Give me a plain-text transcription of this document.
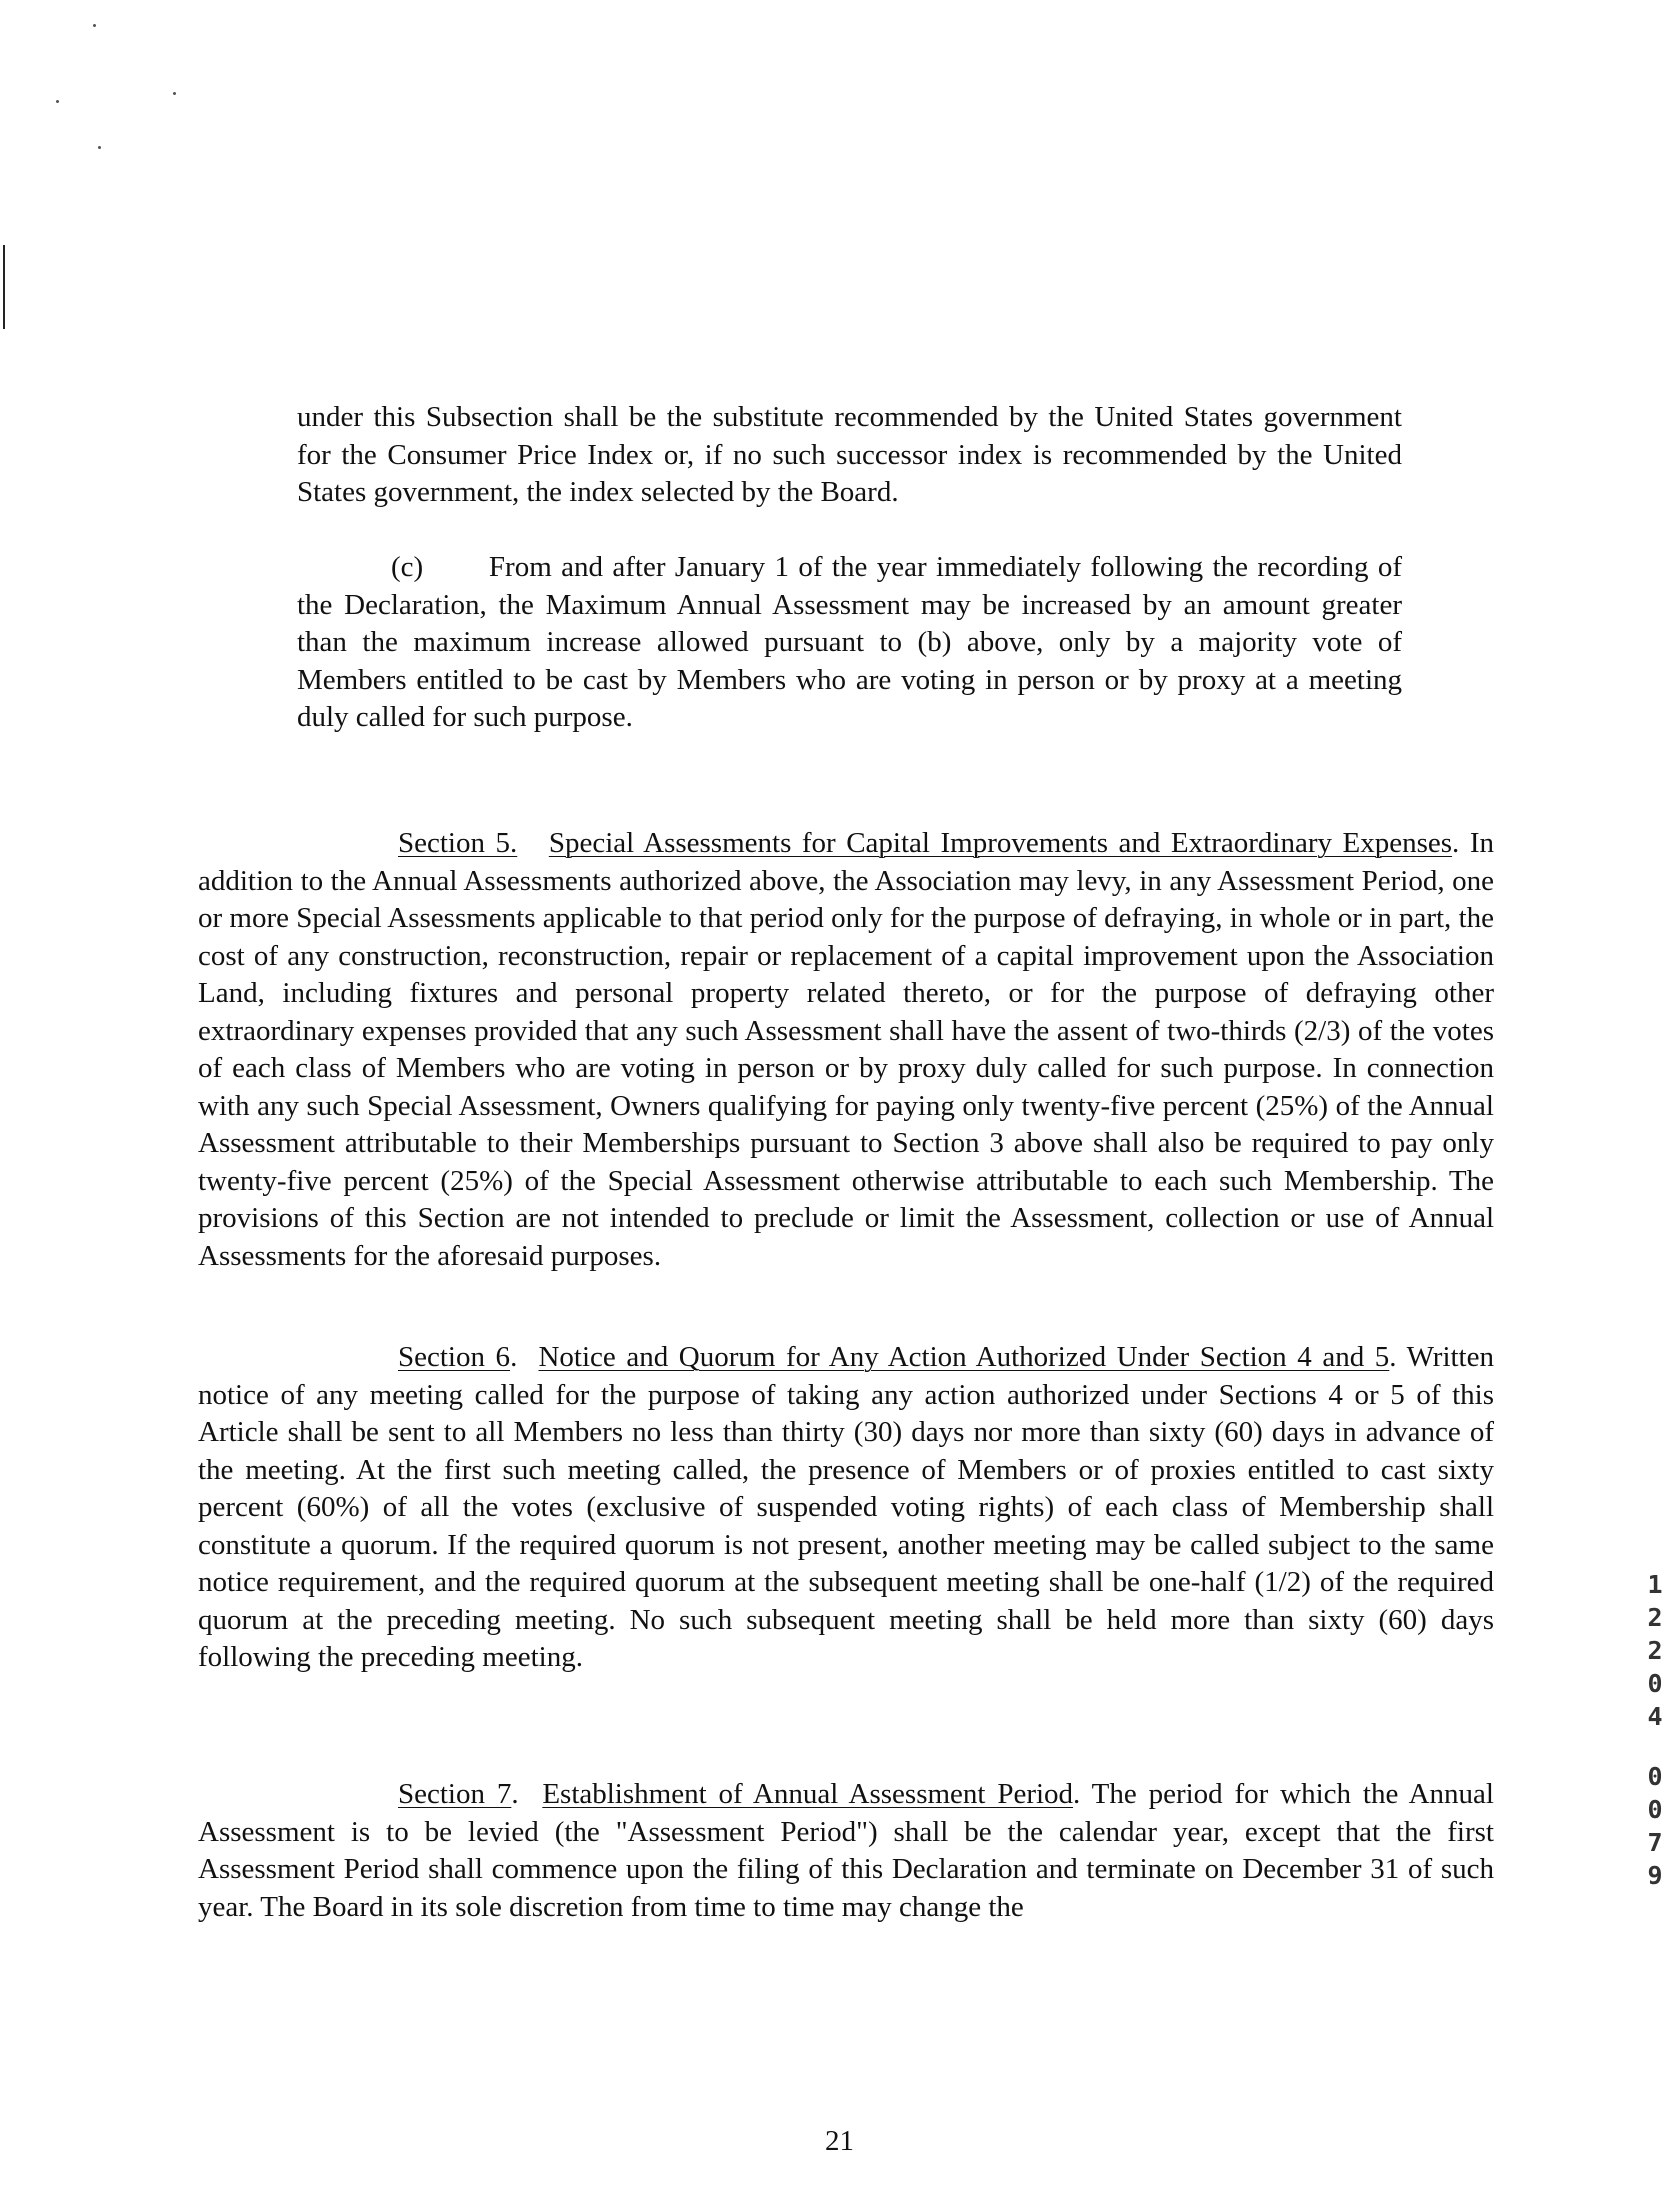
under this Subsection shall be the substitute recommended by the United States government for the Consumer Price Index or, if no such successor index is recommended by the United States government, the index selected by the Board.

(c) From and after January 1 of the year immediately following the recording of the Declaration, the Maximum Annual Assessment may be increased by an amount greater than the maximum increase allowed pursuant to (b) above, only by a majority vote of Members entitled to be cast by Members who are voting in person or by proxy at a meeting duly called for such purpose.

Section 5. Special Assessments for Capital Improvements and Extraordinary Expenses. In addition to the Annual Assessments authorized above, the Association may levy, in any Assessment Period, one or more Special Assessments applicable to that period only for the purpose of defraying, in whole or in part, the cost of any construction, reconstruction, repair or replacement of a capital improvement upon the Association Land, including fixtures and personal property related thereto, or for the purpose of defraying other extraordinary expenses provided that any such Assessment shall have the assent of two-thirds (2/3) of the votes of each class of Members who are voting in person or by proxy duly called for such purpose. In connection with any such Special Assessment, Owners qualifying for paying only twenty-five percent (25%) of the Annual Assessment attributable to their Memberships pursuant to Section 3 above shall also be required to pay only twenty-five percent (25%) of the Special Assessment otherwise attributable to each such Membership. The provisions of this Section are not intended to preclude or limit the Assessment, collection or use of Annual Assessments for the aforesaid purposes.

Section 6.  Notice and Quorum for Any Action Authorized Under Section 4 and 5. Written notice of any meeting called for the purpose of taking any action authorized under Sections 4 or 5 of this Article shall be sent to all Members no less than thirty (30) days nor more than sixty (60) days in advance of the meeting. At the first such meeting called, the presence of Members or of proxies entitled to cast sixty percent (60%) of all the votes (exclusive of suspended voting rights) of each class of Membership shall constitute a quorum. If the required quorum is not present, another meeting may be called subject to the same notice requirement, and the required quorum at the subsequent meeting shall be one-half (1/2) of the required quorum at the preceding meeting. No such subsequent meeting shall be held more than sixty (60) days following the preceding meeting.

Section 7.  Establishment of Annual Assessment Period. The period for which the Annual Assessment is to be levied (the "Assessment Period") shall be the calendar year, except that the first Assessment Period shall commence upon the filing of this Declaration and terminate on December 31 of such year. The Board in its sole discretion from time to time may change the

21
1
2
2
0
4
0
0
7
9
